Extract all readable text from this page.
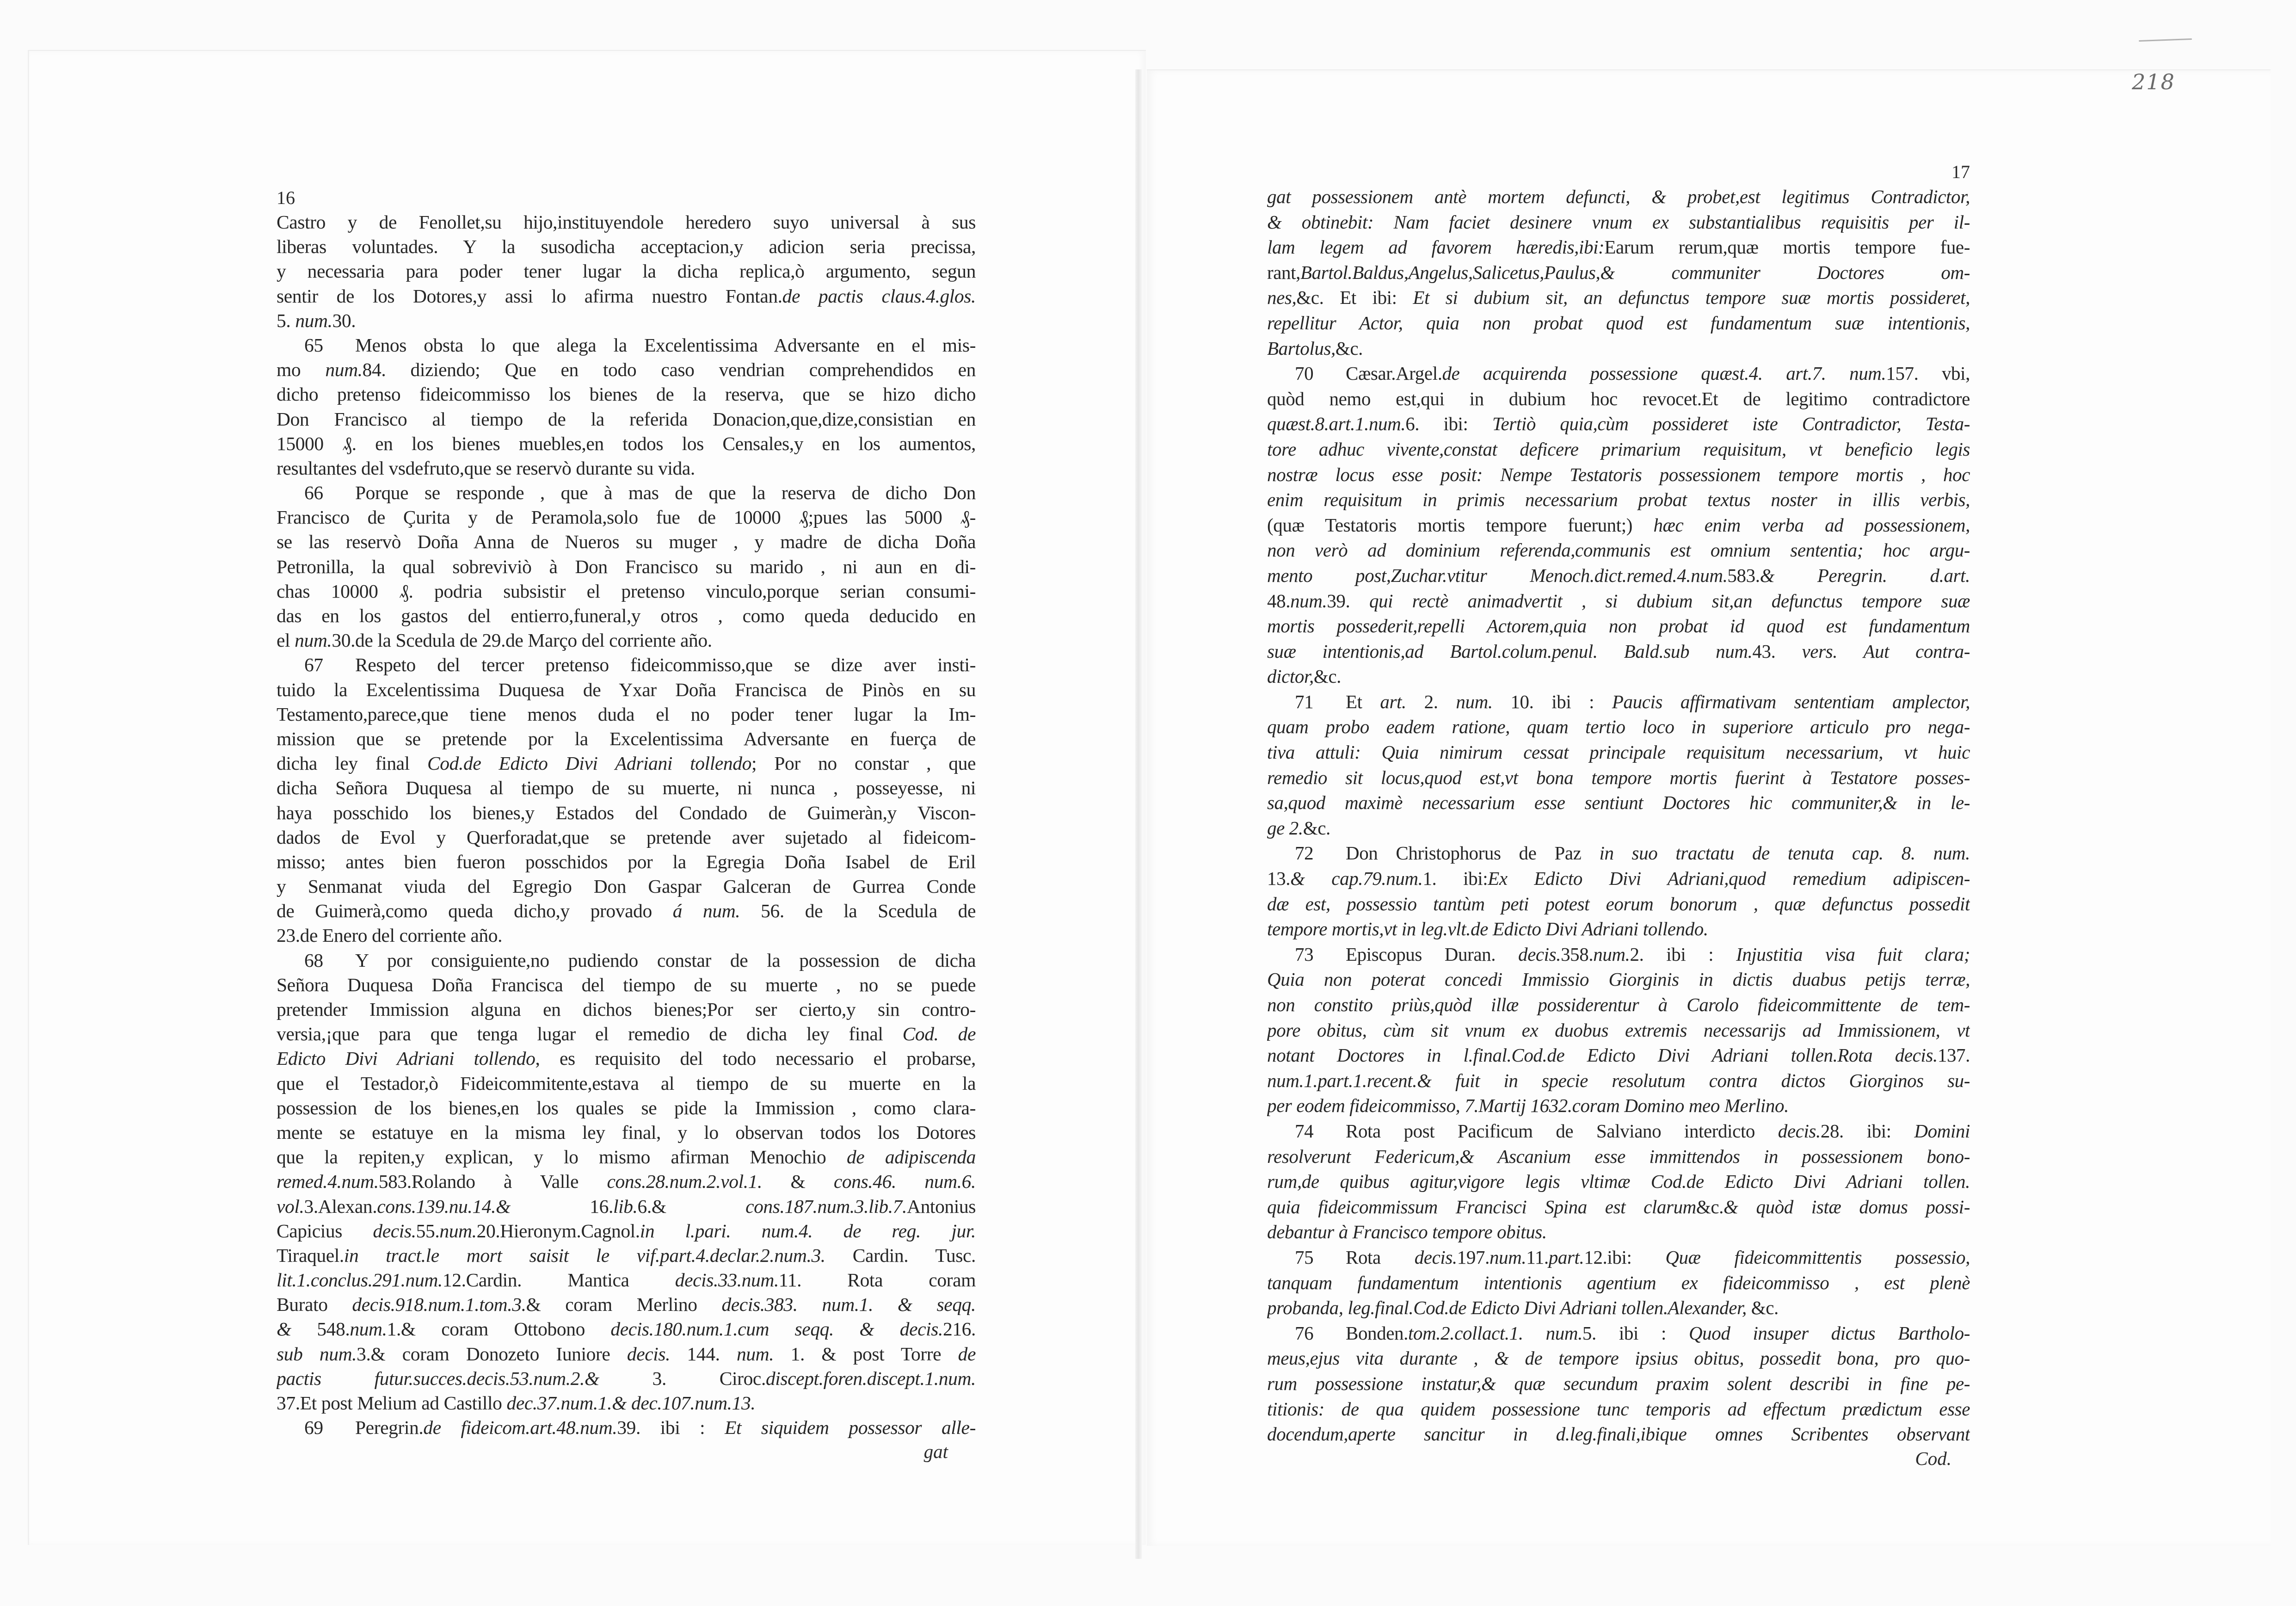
218
16
Castro y de Fenollet,su hijo,instituyendole heredero suyo universal à sus
liberas voluntades. Y la susodicha acceptacion,y adicion seria precissa,
y necessaria para poder tener lugar la dicha replica,ò argumento, segun
sentir de los Dotores,y assi lo afirma nuestro Fontan.de pactis claus.4.glos.
5. num.30.
65 Menos obsta lo que alega la Excelentissima Adversante en el mis-
mo num.84. diziendo; Que en todo caso vendrian comprehendidos en
dicho pretenso fideicommisso los bienes de la reserva, que se hizo dicho
Don Francisco al tiempo de la referida Donacion,que,dize,consistian en
15000 ₰. en los bienes muebles,en todos los Censales,y en los aumentos,
resultantes del vsdefruto,que se reservò durante su vida.
66 Porque se responde , que à mas de que la reserva de dicho Don
Francisco de Çurita y de Peramola,solo fue de 10000 ₰;pues las 5000 ₰-
se las reservò Doña Anna de Nueros su muger , y madre de dicha Doña
Petronilla, la qual sobreviviò à Don Francisco su marido , ni aun en di-
chas 10000 ₰. podria subsistir el pretenso vinculo,porque serian consumi-
das en los gastos del entierro,funeral,y otros , como queda deducido en
el num.30.de la Scedula de 29.de Março del corriente año.
67 Respeto del tercer pretenso fideicommisso,que se dize aver insti-
tuido la Excelentissima Duquesa de Yxar Doña Francisca de Pinòs en su
Testamento,parece,que tiene menos duda el no poder tener lugar la Im-
mission que se pretende por la Excelentissima Adversante en fuerça de
dicha ley final Cod.de Edicto Divi Adriani tollendo; Por no constar , que
dicha Señora Duquesa al tiempo de su muerte, ni nunca , posseyesse, ni
haya posschido los bienes,y Estados del Condado de Guimeràn,y Viscon-
dados de Evol y Querforadat,que se pretende aver sujetado al fideicom-
misso; antes bien fueron posschidos por la Egregia Doña Isabel de Eril
y Senmanat viuda del Egregio Don Gaspar Galceran de Gurrea Conde
de Guimerà,como queda dicho,y provado á num. 56. de la Scedula de
23.de Enero del corriente año.
68 Y por consiguiente,no pudiendo constar de la possession de dicha
Señora Duquesa Doña Francisca del tiempo de su muerte , no se puede
pretender Immission alguna en dichos bienes;Por ser cierto,y sin contro-
versia,¡que para que tenga lugar el remedio de dicha ley final Cod. de
Edicto Divi Adriani tollendo, es requisito del todo necessario el probarse,
que el Testador,ò Fideicommitente,estava al tiempo de su muerte en la
possession de los bienes,en los quales se pide la Immission , como clara-
mente se estatuye en la misma ley final, y lo observan todos los Dotores
que la repiten,y explican, y lo mismo afirman Menochio de adipiscenda
remed.4.num.583.Rolando à Valle cons.28.num.2.vol.1. & cons.46. num.6.
vol.3.Alexan.cons.139.nu.14.& 16.lib.6.& cons.187.num.3.lib.7.Antonius
Capicius decis.55.num.20.Hieronym.Cagnol.in l.pari. num.4. de reg. jur.
Tiraquel.in tract.le mort saisit le vif.part.4.declar.2.num.3. Cardin. Tusc.
lit.1.conclus.291.num.12.Cardin. Mantica decis.33.num.11. Rota coram
Burato decis.918.num.1.tom.3.& coram Merlino decis.383. num.1. & seqq.
& 548.num.1.& coram Ottobono decis.180.num.1.cum seqq. & decis.216.
sub num.3.& coram Donozeto Iuniore decis. 144. num. 1. & post Torre de
pactis futur.succes.decis.53.num.2.& 3. Ciroc.discept.foren.discept.1.num.
37.Et post Melium ad Castillo dec.37.num.1.& dec.107.num.13.
69 Peregrin.de fideicom.art.48.num.39. ibi : Et siquidem possessor alle-
gat
17
gat possessionem antè mortem defuncti, & probet,est legitimus Contradictor,
& obtinebit: Nam faciet desinere vnum ex substantialibus requisitis per il-
lam legem ad favorem hæredis,ibi:Earum rerum,quæ mortis tempore fue-
rant,Bartol.Baldus,Angelus,Salicetus,Paulus,& communiter Doctores om-
nes,&c. Et ibi: Et si dubium sit, an defunctus tempore suæ mortis possideret,
repellitur Actor, quia non probat quod est fundamentum suæ intentionis,
Bartolus,&c.
70 Cæsar.Argel.de acquirenda possessione quæst.4. art.7. num.157. vbi,
quòd nemo est,qui in dubium hoc revocet.Et de legitimo contradictore
quæst.8.art.1.num.6. ibi: Tertiò quia,cùm possideret iste Contradictor, Testa-
tore adhuc vivente,constat deficere primarium requisitum, vt beneficio legis
nostræ locus esse posit: Nempe Testatoris possessionem tempore mortis , hoc
enim requisitum in primis necessarium probat textus noster in illis verbis,
(quæ Testatoris mortis tempore fuerunt;) hæc enim verba ad possessionem,
non verò ad dominium referenda,communis est omnium sententia; hoc argu-
mento post,Zuchar.vtitur Menoch.dict.remed.4.num.583.& Peregrin. d.art.
48.num.39. qui rectè animadvertit , si dubium sit,an defunctus tempore suæ
mortis possederit,repelli Actorem,quia non probat id quod est fundamentum
suæ intentionis,ad Bartol.colum.penul. Bald.sub num.43. vers. Aut contra-
dictor,&c.
71 Et art. 2. num. 10. ibi : Paucis affirmativam sententiam amplector,
quam probo eadem ratione, quam tertio loco in superiore articulo pro nega-
tiva attuli: Quia nimirum cessat principale requisitum necessarium, vt huic
remedio sit locus,quod est,vt bona tempore mortis fuerint à Testatore posses-
sa,quod maximè necessarium esse sentiunt Doctores hic communiter,& in le-
ge 2.&c.
72 Don Christophorus de Paz in suo tractatu de tenuta cap. 8. num.
13.& cap.79.num.1. ibi:Ex Edicto Divi Adriani,quod remedium adipiscen-
dæ est, possessio tantùm peti potest eorum bonorum , quæ defunctus possedit
tempore mortis,vt in leg.vlt.de Edicto Divi Adriani tollendo.
73 Episcopus Duran. decis.358.num.2. ibi : Injustitia visa fuit clara;
Quia non poterat concedi Immissio Giorginis in dictis duabus petijs terræ,
non constito priùs,quòd illæ possiderentur à Carolo fideicommittente de tem-
pore obitus, cùm sit vnum ex duobus extremis necessarijs ad Immissionem, vt
notant Doctores in l.final.Cod.de Edicto Divi Adriani tollen.Rota decis.137.
num.1.part.1.recent.& fuit in specie resolutum contra dictos Giorginos su-
per eodem fideicommisso, 7.Martij 1632.coram Domino meo Merlino.
74 Rota post Pacificum de Salviano interdicto decis.28. ibi: Domini
resolverunt Federicum,& Ascanium esse immittendos in possessionem bono-
rum,de quibus agitur,vigore legis vltimæ Cod.de Edicto Divi Adriani tollen.
quia fideicommissum Francisci Spina est clarum&c.& quòd istæ domus possi-
debantur à Francisco tempore obitus.
75 Rota decis.197.num.11.part.12.ibi: Quæ fideicommittentis possessio,
tanquam fundamentum intentionis agentium ex fideicommisso , est plenè
probanda, leg.final.Cod.de Edicto Divi Adriani tollen.Alexander, &c.
76 Bonden.tom.2.collact.1. num.5. ibi : Quod insuper dictus Bartholo-
meus,ejus vita durante , & de tempore ipsius obitus, possedit bona, pro quo-
rum possessione instatur,& quæ secundum praxim solent describi in fine pe-
titionis: de qua quidem possessione tunc temporis ad effectum prædictum esse
docendum,aperte sancitur in d.leg.finali,ibique omnes Scribentes observant
Cod.
